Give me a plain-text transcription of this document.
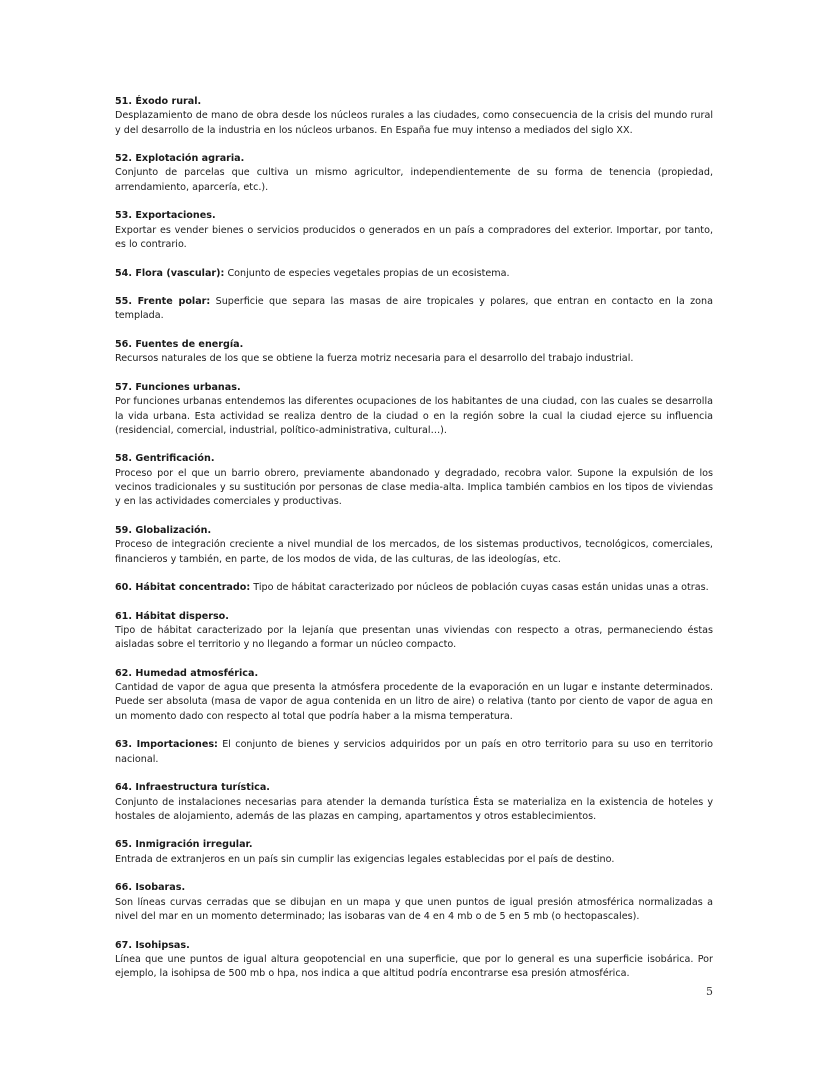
51. Éxodo rural.
Desplazamiento de mano de obra desde los núcleos rurales a las ciudades, como consecuencia de la crisis del mundo rural y del desarrollo de la industria en los núcleos urbanos. En España fue muy intenso a mediados del siglo XX.
52. Explotación agraria.
Conjunto de parcelas que cultiva un mismo agricultor, independientemente de su forma de tenencia (propiedad, arrendamiento, aparcería, etc.).
53. Exportaciones.
Exportar es vender bienes o servicios producidos o generados en un país a compradores del exterior. Importar, por tanto, es lo contrario.
54. Flora (vascular): Conjunto de especies vegetales propias de un ecosistema.
55. Frente polar: Superficie que separa las masas de aire tropicales y polares, que entran en contacto en la zona templada.
56. Fuentes de energía.
Recursos naturales de los que se obtiene la fuerza motriz necesaria para el desarrollo del trabajo industrial.
57. Funciones urbanas.
Por funciones urbanas entendemos las diferentes ocupaciones de los habitantes de una ciudad, con las cuales se desarrolla la vida urbana. Esta actividad se realiza dentro de la ciudad o en la región sobre la cual la ciudad ejerce su influencia (residencial, comercial, industrial, político-administrativa, cultural…).
58. Gentrificación.
Proceso por el que un barrio obrero, previamente abandonado y degradado, recobra valor. Supone la expulsión de los vecinos tradicionales y su sustitución por personas de clase media-alta. Implica también cambios en los tipos de viviendas y en las actividades comerciales y productivas.
59. Globalización.
Proceso de integración creciente a nivel mundial de los mercados, de los sistemas productivos, tecnológicos, comerciales, financieros y también, en parte, de los modos de vida, de las culturas, de las ideologías, etc.
60. Hábitat concentrado: Tipo de hábitat caracterizado por núcleos de población cuyas casas están unidas unas a otras.
61. Hábitat disperso.
Tipo de hábitat caracterizado por la lejanía que presentan unas viviendas con respecto a otras, permaneciendo éstas aisladas sobre el territorio y no llegando a formar un núcleo compacto.
62. Humedad atmosférica.
Cantidad de vapor de agua que presenta la atmósfera procedente de la evaporación en un lugar e instante determinados. Puede ser absoluta (masa de vapor de agua contenida en un litro de aire) o relativa (tanto por ciento de vapor de agua en un momento dado con respecto al total que podría haber a la misma temperatura.
63. Importaciones: El conjunto de bienes y servicios adquiridos por un país en otro territorio para su uso en territorio nacional.
64. Infraestructura turística.
Conjunto de instalaciones necesarias para atender la demanda turística Ésta se materializa en la existencia de hoteles y hostales de alojamiento, además de las plazas en camping, apartamentos y otros establecimientos.
65. Inmigración irregular.
Entrada de extranjeros en un país sin cumplir las exigencias legales establecidas por el país de destino.
66. Isobaras.
Son líneas curvas cerradas que se dibujan en un mapa y que unen puntos de igual presión atmosférica normalizadas a nivel del mar en un momento determinado; las isobaras van de 4 en 4 mb o de 5 en 5 mb (o hectopascales).
67. Isohipsas.
Línea que une puntos de igual altura geopotencial en una superficie, que por lo general es una superficie isobárica. Por ejemplo, la isohipsa de 500 mb o hpa, nos indica a que altitud podría encontrarse esa presión atmosférica.
5
